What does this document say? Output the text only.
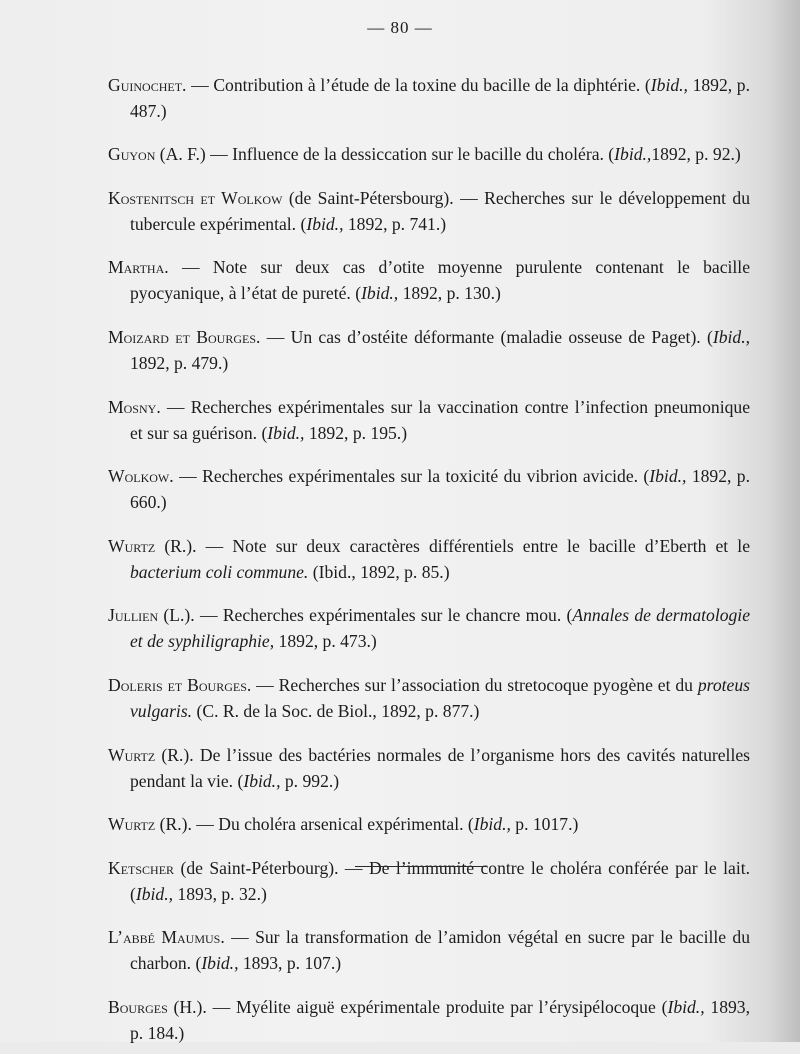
— 80 —

Guinochet. — Contribution à l’étude de la toxine du bacille de la diphtérie. (Ibid., 1892, p. 487.)

Guyon (A. F.) — Influence de la dessiccation sur le bacille du choléra. (Ibid.,1892, p. 92.)

Kostenitsch et Wolkow (de Saint-Pétersbourg). — Recherches sur le développement du tubercule expérimental. (Ibid., 1892, p. 741.)

Martha. — Note sur deux cas d’otite moyenne purulente contenant le bacille pyocyanique, à l’état de pureté. (Ibid., 1892, p. 130.)

Moizard et Bourges. — Un cas d’ostéite déformante (maladie osseuse de Paget). (Ibid., 1892, p. 479.)

Mosny. — Recherches expérimentales sur la vaccination contre l’infection pneumonique et sur sa guérison. (Ibid., 1892, p. 195.)

Wolkow. — Recherches expérimentales sur la toxicité du vibrion avicide. (Ibid., 1892, p. 660.)

Wurtz (R.). — Note sur deux caractères différentiels entre le bacille d’Eberth et le bacterium coli commune. (Ibid., 1892, p. 85.)

Jullien (L.). — Recherches expérimentales sur le chancre mou. (Annales de dermatologie et de syphiligraphie, 1892, p. 473.)

Doleris et Bourges. — Recherches sur l’association du stretocoque pyogène et du proteus vulgaris. (C. R. de la Soc. de Biol., 1892, p. 877.)

Wurtz (R.). De l’issue des bactéries normales de l’organisme hors des cavités naturelles pendant la vie. (Ibid., p. 992.)

Wurtz (R.). — Du choléra arsenical expérimental. (Ibid., p. 1017.)

Ketscher (de Saint-Péterbourg). — De l’immunité contre le choléra conférée par le lait. (Ibid., 1893, p. 32.)

L’abbé Maumus. — Sur la transformation de l’amidon végétal en sucre par le bacille du charbon. (Ibid., 1893, p. 107.)

Bourges (H.). — Myélite aiguë expérimentale produite par l’érysipélocoque (Ibid., 1893, p. 184.)
